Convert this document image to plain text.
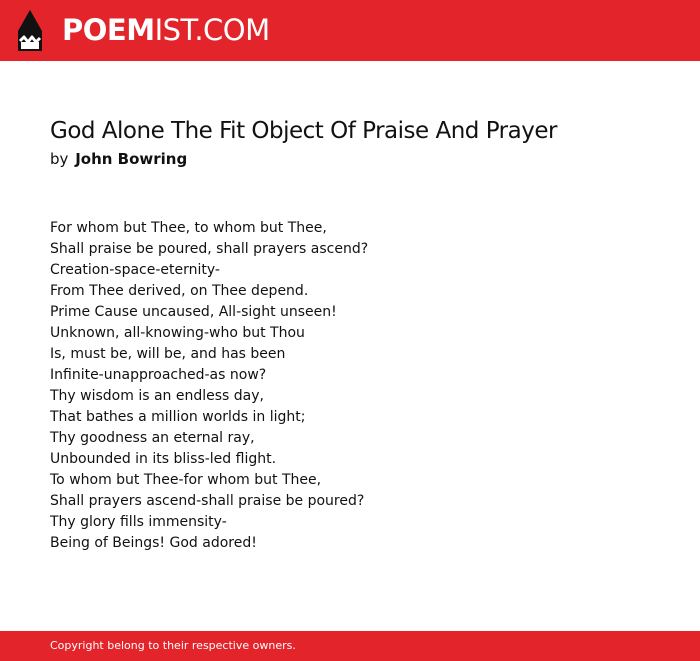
POEMIST.COM
God Alone The Fit Object Of Praise And Prayer
by John Bowring
For whom but Thee, to whom but Thee,
Shall praise be poured, shall prayers ascend?
Creation-space-eternity-
From Thee derived, on Thee depend.
Prime Cause uncaused, All-sight unseen!
Unknown, all-knowing-who but Thou
Is, must be, will be, and has been
Infinite-unapproached-as now?
Thy wisdom is an endless day,
That bathes a million worlds in light;
Thy goodness an eternal ray,
Unbounded in its bliss-led flight.
To whom but Thee-for whom but Thee,
Shall prayers ascend-shall praise be poured?
Thy glory fills immensity-
Being of Beings! God adored!
Copyright belong to their respective owners.
